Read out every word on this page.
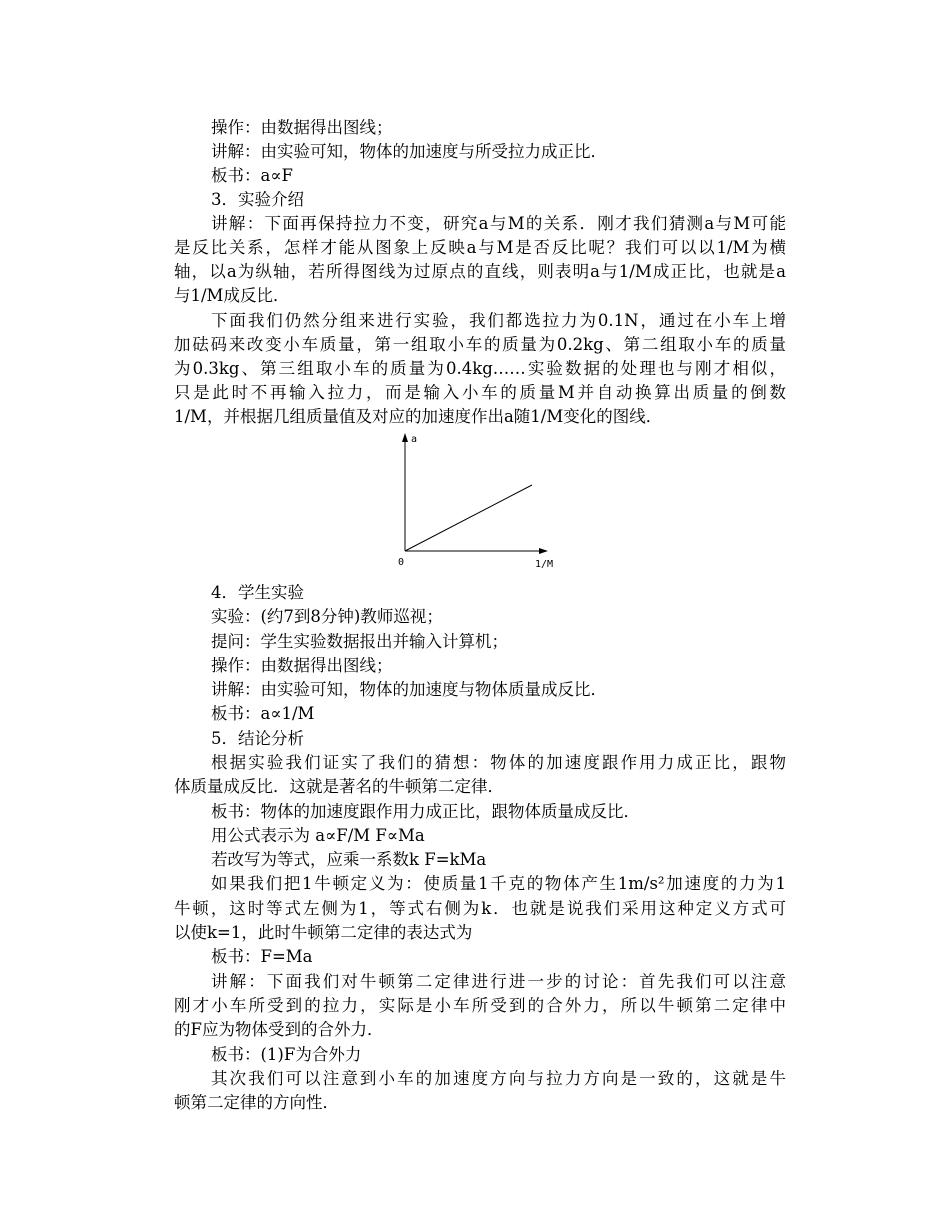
操作：由数据得出图线；
讲解：由实验可知，物体的加速度与所受拉力成正比．
板书：a∝F
3．实验介绍
讲解：下面再保持拉力不变，研究a与M的关系．刚才我们猜测a与M可能
是反比关系，怎样才能从图象上反映a与M是否反比呢？我们可以以1/M为横
轴，以a为纵轴，若所得图线为过原点的直线，则表明a与1/M成正比，也就是a
与1/M成反比．
下面我们仍然分组来进行实验，我们都选拉力为0.1N，通过在小车上增
加砝码来改变小车质量，第一组取小车的质量为0.2kg、第二组取小车的质量
为0.3kg、第三组取小车的质量为0.4kg……实验数据的处理也与刚才相似，
只是此时不再输入拉力，而是输入小车的质量M并自动换算出质量的倒数
1/M，并根据几组质量值及对应的加速度作出a随1/M变化的图线．
a
0	1/M
4．学生实验
实验：(约7到8分钟)教师巡视；
提问：学生实验数据报出并输入计算机；
操作：由数据得出图线；
讲解：由实验可知，物体的加速度与物体质量成反比．
板书：a∝1/M
5．结论分析
根据实验我们证实了我们的猜想：物体的加速度跟作用力成正比，跟物
体质量成反比．这就是著名的牛顿第二定律．
板书：物体的加速度跟作用力成正比，跟物体质量成反比．
用公式表示为 a∝F/M F∝Ma
若改写为等式，应乘一系数k F=kMa
如果我们把1牛顿定义为：使质量1千克的物体产生1m/s²加速度的力为1
牛顿，这时等式左侧为1，等式右侧为k．也就是说我们采用这种定义方式可
以使k=1，此时牛顿第二定律的表达式为
板书：F=Ma
讲解：下面我们对牛顿第二定律进行进一步的讨论：首先我们可以注意
刚才小车所受到的拉力，实际是小车所受到的合外力，所以牛顿第二定律中
的F应为物体受到的合外力．
板书：(1)F为合外力
其次我们可以注意到小车的加速度方向与拉力方向是一致的，这就是牛
顿第二定律的方向性．
